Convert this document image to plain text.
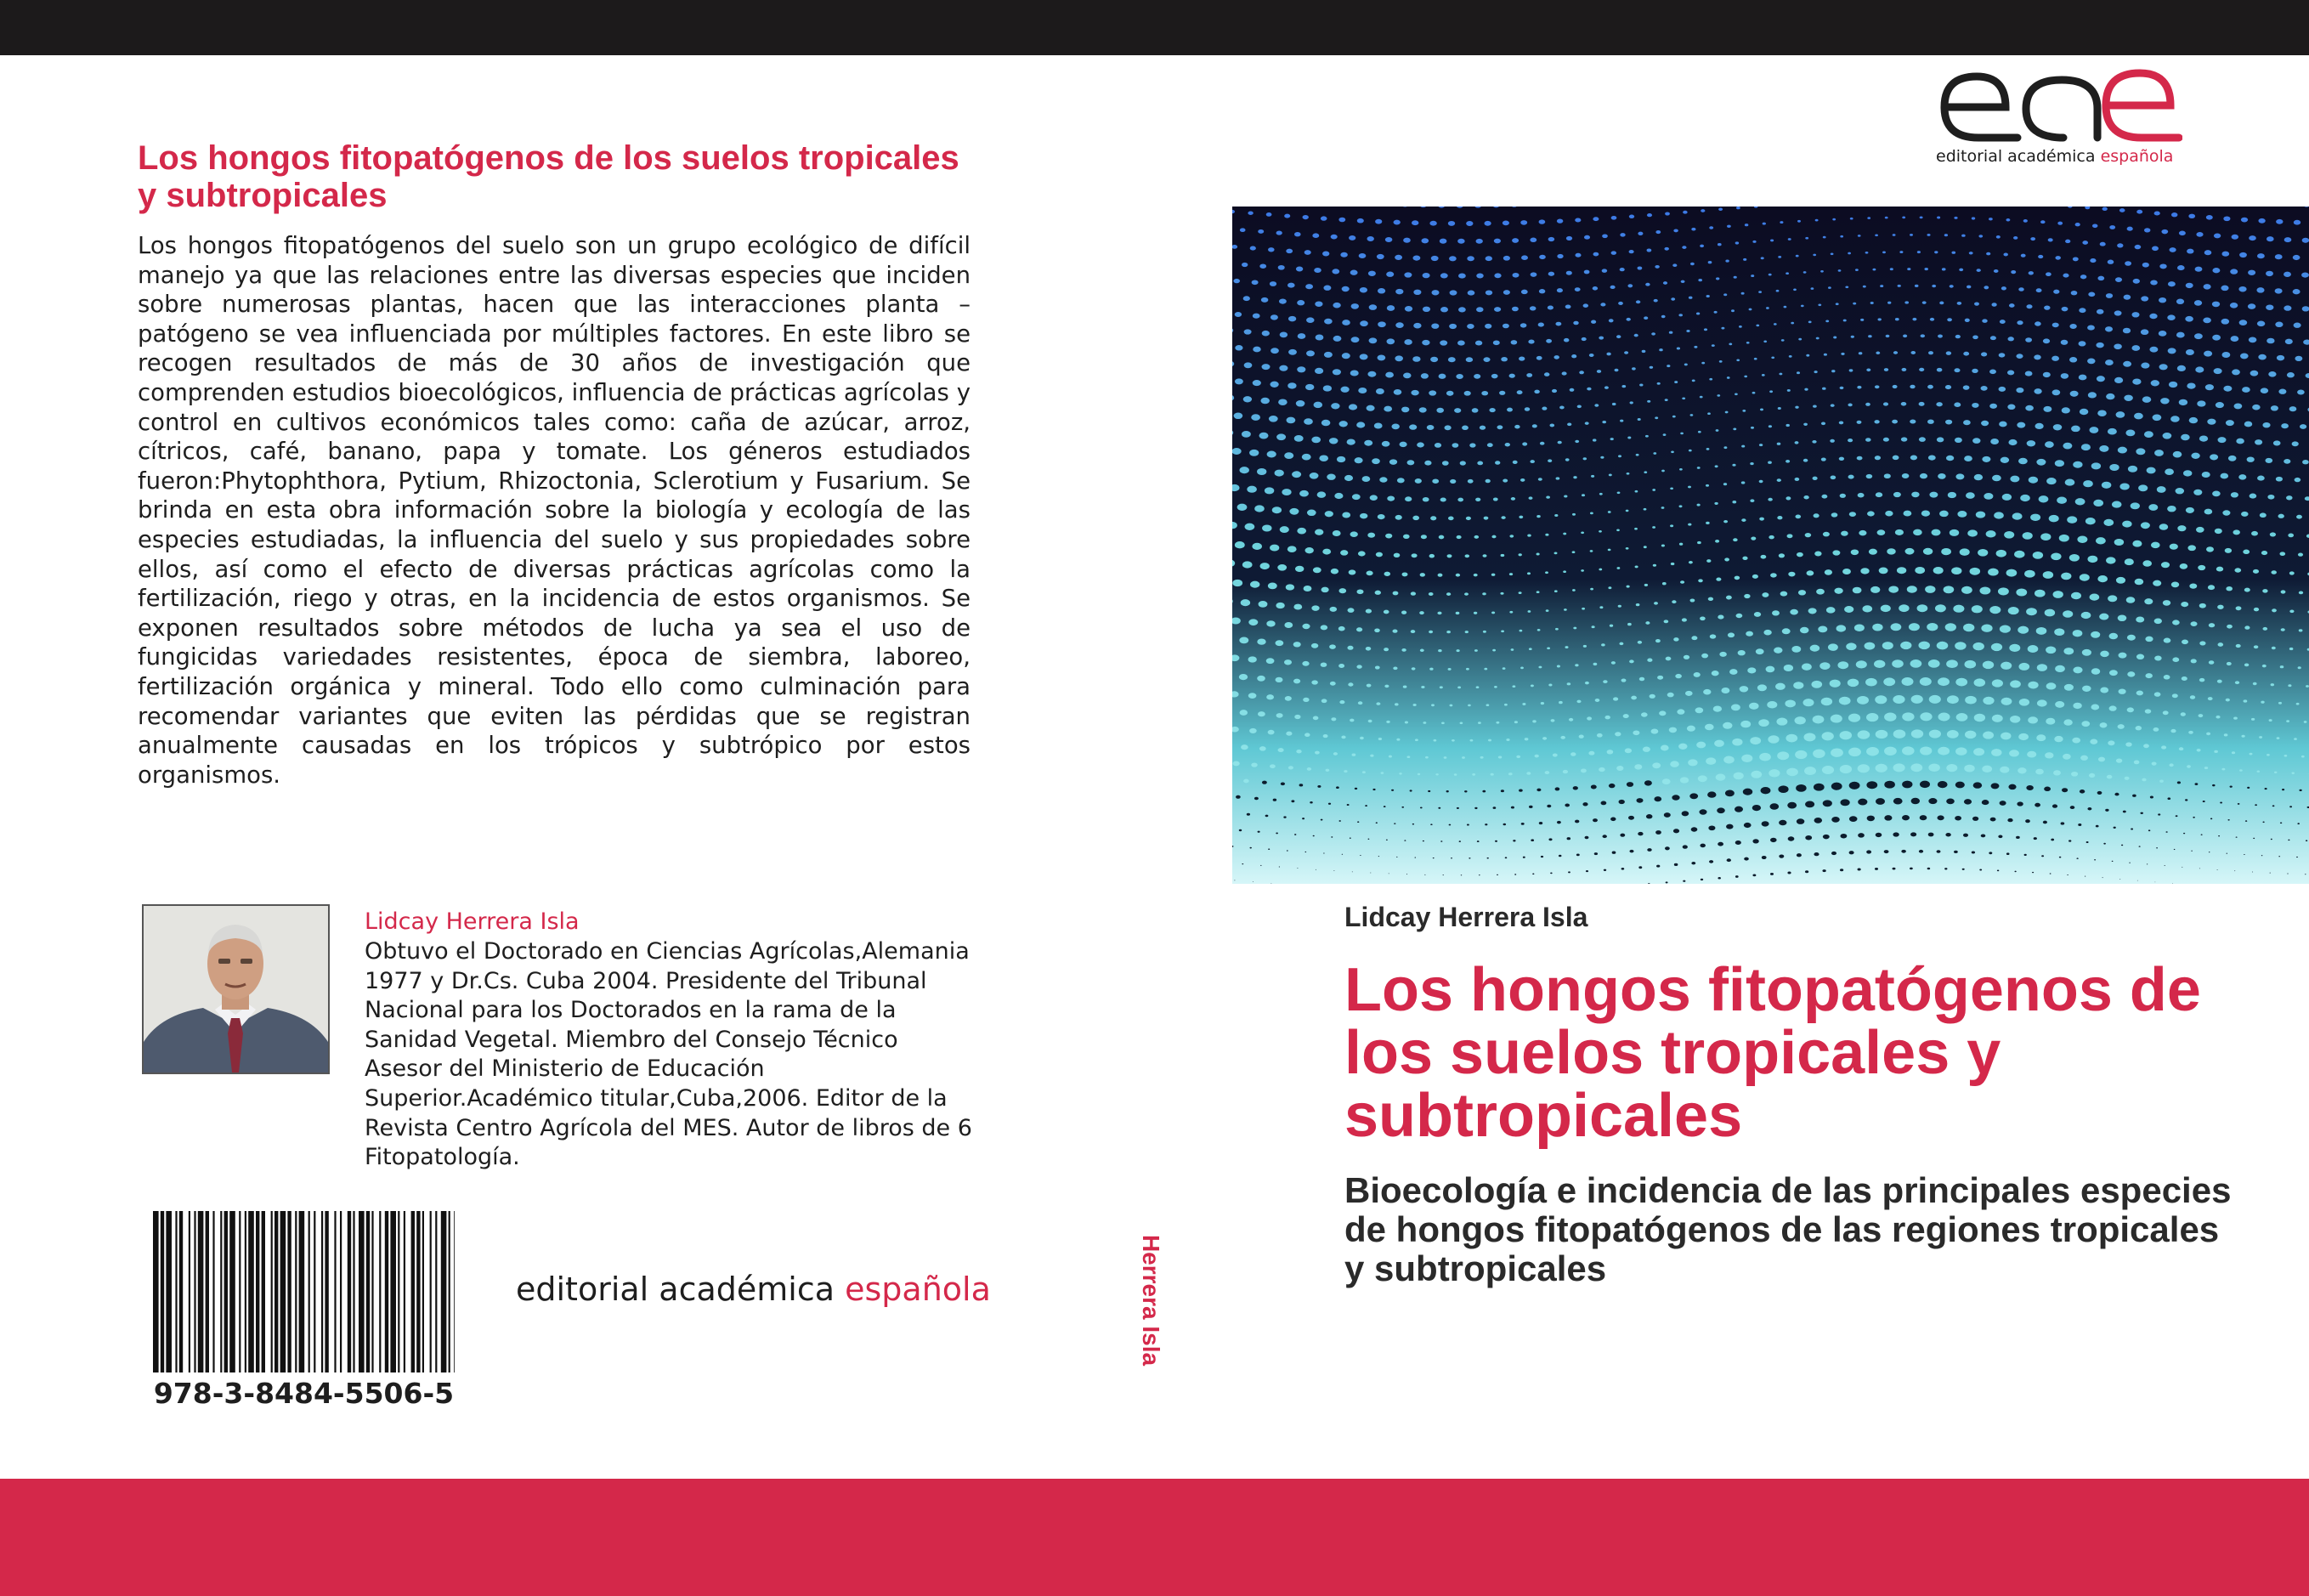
Los hongos fitopatógenos de los suelos tropicales y subtropicales

Los hongos fitopatógenos del suelo son un grupo ecológico de difícil manejo ya que las relaciones entre las diversas especies que inciden sobre numerosas plantas, hacen que las interacciones planta – patógeno se vea influenciada por múltiples factores. En este libro se recogen resultados de más de 30 años de investigación que comprenden estudios bioecológicos, influencia de prácticas agrícolas y control en cultivos económicos tales como: caña de azúcar, arroz, cítricos, café, banano, papa y tomate. Los géneros estudiados fueron:Phytophthora, Pytium, Rhizoctonia, Sclerotium y Fusarium. Se brinda en esta obra información sobre la biología y ecología de las especies estudiadas, la influencia del suelo y sus propiedades sobre ellos, así como el efecto de diversas prácticas agrícolas como la fertilización, riego y otras, en la incidencia de estos organismos. Se exponen resultados sobre métodos de lucha ya sea el uso de fungicidas variedades resistentes, época de siembra, laboreo, fertilización orgánica y mineral. Todo ello como culminación para recomendar variantes que eviten las pérdidas que se registran anualmente causadas en los trópicos y subtrópico por estos organismos.

Lidcay Herrera Isla

Obtuvo el Doctorado en Ciencias Agrícolas,Alemania 1977 y Dr.Cs. Cuba 2004. Presidente del Tribunal Nacional para los Doctorados en la rama de la Sanidad Vegetal. Miembro del Consejo Técnico Asesor del Ministerio de Educación Superior.Académico titular,Cuba,2006. Editor de la Revista Centro Agrícola del MES. Autor de libros de 6 Fitopatología.

978-3-8484-5506-5
editorial académica española	Herrera Isla
editorial académica española
Lidcay Herrera Isla
Los hongos fitopatógenos de los suelos tropicales y subtropicales
Bioecología e incidencia de las principales especies de hongos fitopatógenos de las regiones tropicales y subtropicales
